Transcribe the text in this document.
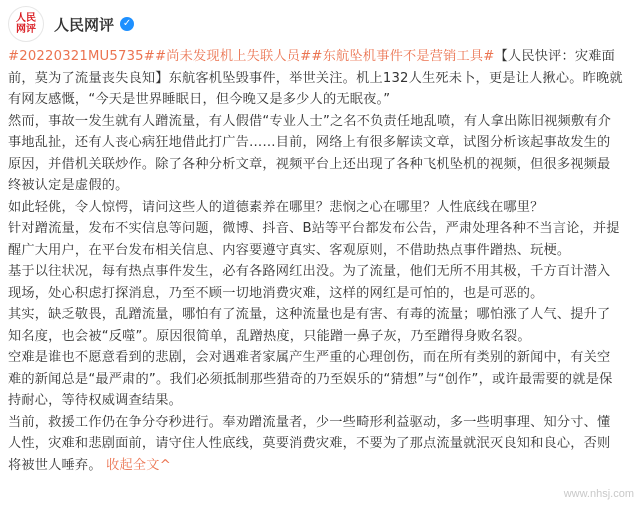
人民
网评 人民网评 ✓

#20220321MU5735##尚未发现机上失联人员##东航坠机事件不是营销工具#【人民快评：灾难面前，莫为了流量丧失良知】东航客机坠毁事件，举世关注。机上132人生死未卜，更是让人揪心。昨晚就有网友感慨，“今天是世界睡眠日，但今晚又是多少人的无眠夜。”

然而，事故一发生就有人蹭流量，有人假借“专业人士”之名不负责任地乱喷，有人拿出陈旧视频敷有介事地乱扯，还有人丧心病狂地借此打广告……目前，网络上有很多解读文章，试图分析该起事故发生的原因，并借机关联炒作。除了各种分析文章，视频平台上还出现了各种飞机坠机的视频，但很多视频最终被认定是虚假的。

如此轻佻，令人惊愕，请问这些人的道德素养在哪里？悲悯之心在哪里？人性底线在哪里？

针对蹭流量，发布不实信息等问题，微博、抖音、B站等平台都发布公告，严肃处理各种不当言论，并提醒广大用户，在平台发布相关信息、内容要遵守真实、客观原则，不借助热点事件蹭热、玩梗。

基于以往状况，每有热点事件发生，必有各路网红出没。为了流量，他们无所不用其极，千方百计潜入现场，处心积虑打探消息，乃至不顾一切地消费灾难，这样的网红是可怕的，也是可恶的。

其实，缺乏敬畏，乱蹭流量，哪怕有了流量，这种流量也是有害、有毒的流量；哪怕涨了人气、提升了知名度，也会被“反噬”。原因很简单，乱蹭热度，只能蹭一鼻子灰，乃至蹭得身败名裂。

空难是谁也不愿意看到的悲剧，会对遇难者家属产生严重的心理创伤，而在所有类别的新闻中，有关空难的新闻总是“最严肃的”。我们必须抵制那些猎奇的乃至娱乐的“猜想”与“创作”，或许最需要的就是保持耐心，等待权威调查结果。

当前，救援工作仍在争分夺秒进行。奉劝蹭流量者，少一些畸形利益驱动，多一些明事理、知分寸、懂人性，灾难和悲剧面前，请守住人性底线，莫要消费灾难，不要为了那点流量就泯灭良知和良心，否则将被世人唾弃。 收起全文^

www.nhsj.com
